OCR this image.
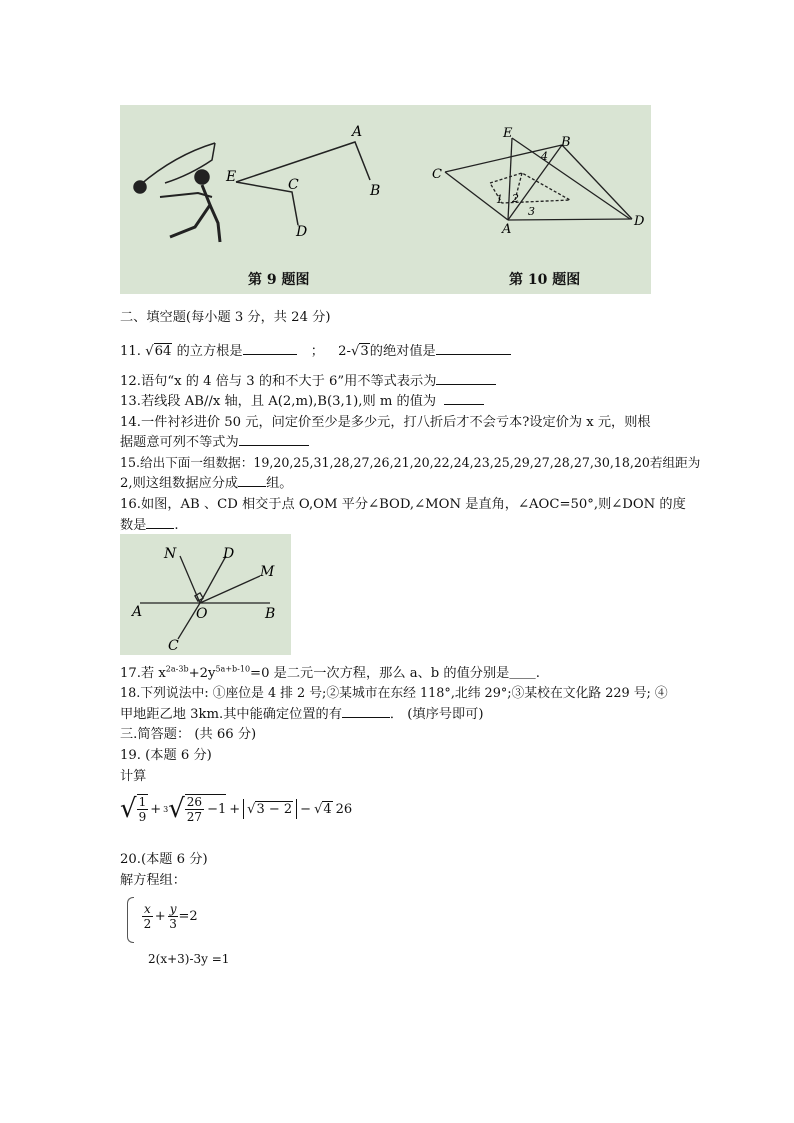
A
B
C
D
E
E
B
C
D
A
1 2
3
4
第 9 题图	第 10 题图
二、填空题(每小题 3 分，共 24 分)
11. √64 的立方根是	； 2-√3的绝对值是
12.语句“x 的 4 倍与 3 的和不大于 6”用不等式表示为
13.若线段 AB//x 轴，且 A(2,m),B(3,1),则 m 的值为
14.一件衬衫进价 50 元，问定价至少是多少元，打八折后才不会亏本?设定价为 x 元，则根
据题意可列不等式为
15.给出下面一组数据：19,20,25,31,28,27,26,21,20,22,24,23,25,29,27,28,27,30,18,20若组距为
2,则这组数据应分成 组。
16.如图，AB 、CD 相交于点 O,OM 平分∠BOD,∠MON 是直角，∠AOC=50°,则∠DON 的度
数是 .
N	D
M
A	O	B
C
17.若 $x^{2a-3b}+2y^{5a+b-10}=0$ 是二元一次方程，那么 a、b 的值分别是＿＿.
18.下列说法中: ①座位是 4 排 2 号;②某城市在东经 118°,北纬 29°;③某校在文化路 229 号; ④
甲地距乙地 3km.其中能确定位置的有	． (填序号即可)
三.简答题： (共 66 分)
19. (本题 6 分)
计算
√ $\frac{1}{9} + 3$ √ $\frac{26}{27} -1 + √3 - 2 - √4$ 26
20.(本题 6 分)
解方程组：
$\frac{x}{2} + \frac{y}{3} =2$
2(x+3)-3y =1
